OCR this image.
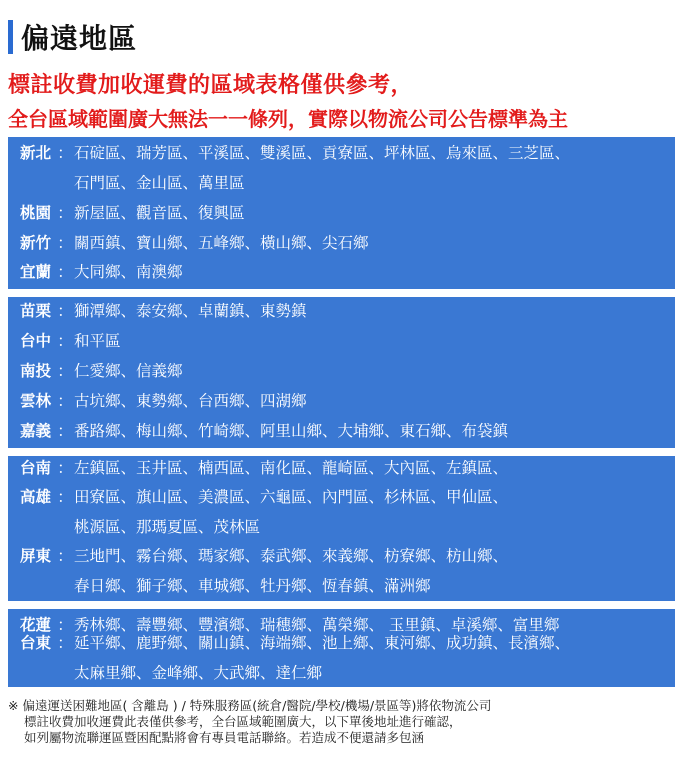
偏遠地區
標註收費加收運費的區域表格僅供參考，
全台區域範圍廣大無法一一條列，實際以物流公司公告標準為主
新北 ： 石碇區、瑞芳區、平溪區、雙溪區、貢寮區、坪林區、烏來區、三芝區、
石門區、金山區、萬里區
桃園 ： 新屋區、觀音區、復興區
新竹 ： 關西鎮、寶山鄉、五峰鄉、橫山鄉、尖石鄉
宜蘭 ： 大同鄉、南澳鄉
苗栗 ： 獅潭鄉、泰安鄉、卓蘭鎮、東勢鎮
台中 ： 和平區
南投 ： 仁愛鄉、信義鄉
雲林 ： 古坑鄉、東勢鄉、台西鄉、四湖鄉
嘉義 ： 番路鄉、梅山鄉、竹崎鄉、阿里山鄉、大埔鄉、東石鄉、布袋鎮
台南 ： 左鎮區、玉井區、楠西區、南化區、龍崎區、大內區、左鎮區、
高雄 ： 田寮區、旗山區、美濃區、六龜區、內門區、杉林區、甲仙區、
桃源區、那瑪夏區、茂林區
屏東 ： 三地門、霧台鄉、瑪家鄉、泰武鄉、來義鄉、枋寮鄉、枋山鄉、
春日鄉、獅子鄉、車城鄉、牡丹鄉、恆春鎮、滿洲鄉
花蓮 ： 秀林鄉、壽豐鄉、豐濱鄉、瑞穗鄉、萬榮鄉、 玉里鎮、卓溪鄉、富里鄉
台東 ： 延平鄉、鹿野鄉、關山鎮、海端鄉、池上鄉、東河鄉、成功鎮、長濱鄉、
太麻里鄉、金峰鄉、大武鄉、達仁鄉
※ 偏遠運送困難地區( 含離島 ) / 特殊服務區(統倉/醫院/學校/機場/景區等)將依物流公司
標註收費加收運費此表僅供參考，全台區域範圍廣大，以下單後地址進行確認，
如列屬物流聯運區暨困配點將會有專員電話聯絡。若造成不便還請多包涵
